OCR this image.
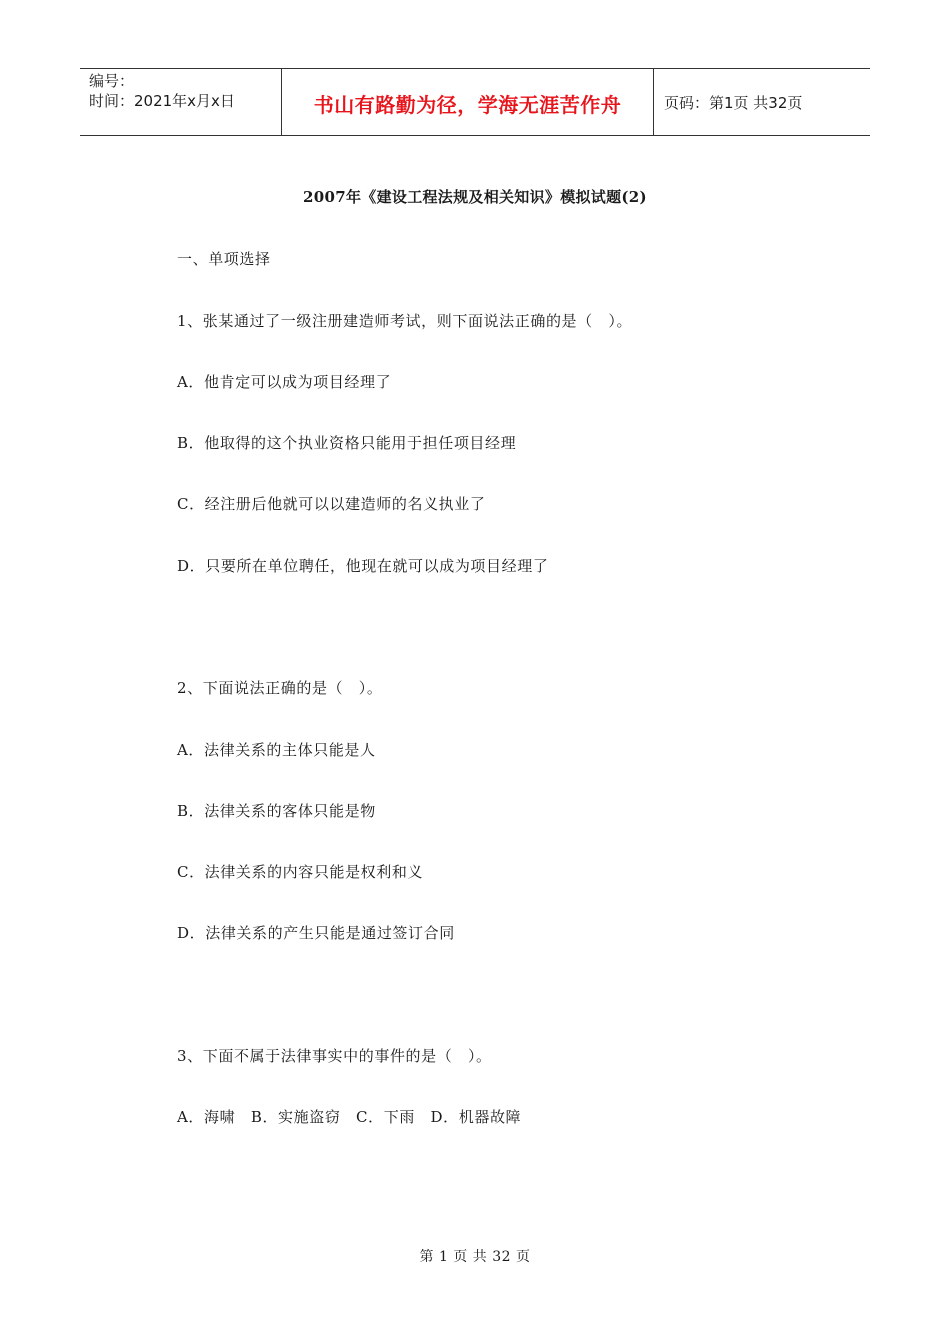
编号：
时间：2021年x月x日	书山有路勤为径，学海无涯苦作舟	页码：第1页 共32页
2007年《建设工程法规及相关知识》模拟试题(2)
一、单项选择
1、张某通过了一级注册建造师考试，则下面说法正确的是（　）。
A．他肯定可以成为项目经理了
B．他取得的这个执业资格只能用于担任项目经理
C．经注册后他就可以以建造师的名义执业了
D．只要所在单位聘任，他现在就可以成为项目经理了
2、下面说法正确的是（　）。
A．法律关系的主体只能是人
B．法律关系的客体只能是物
C．法律关系的内容只能是权利和义
D．法律关系的产生只能是通过签订合同
3、下面不属于法律事实中的事件的是（　）。
A．海啸　B．实施盗窃　C．下雨　D．机器故障
第 1 页 共 32 页
